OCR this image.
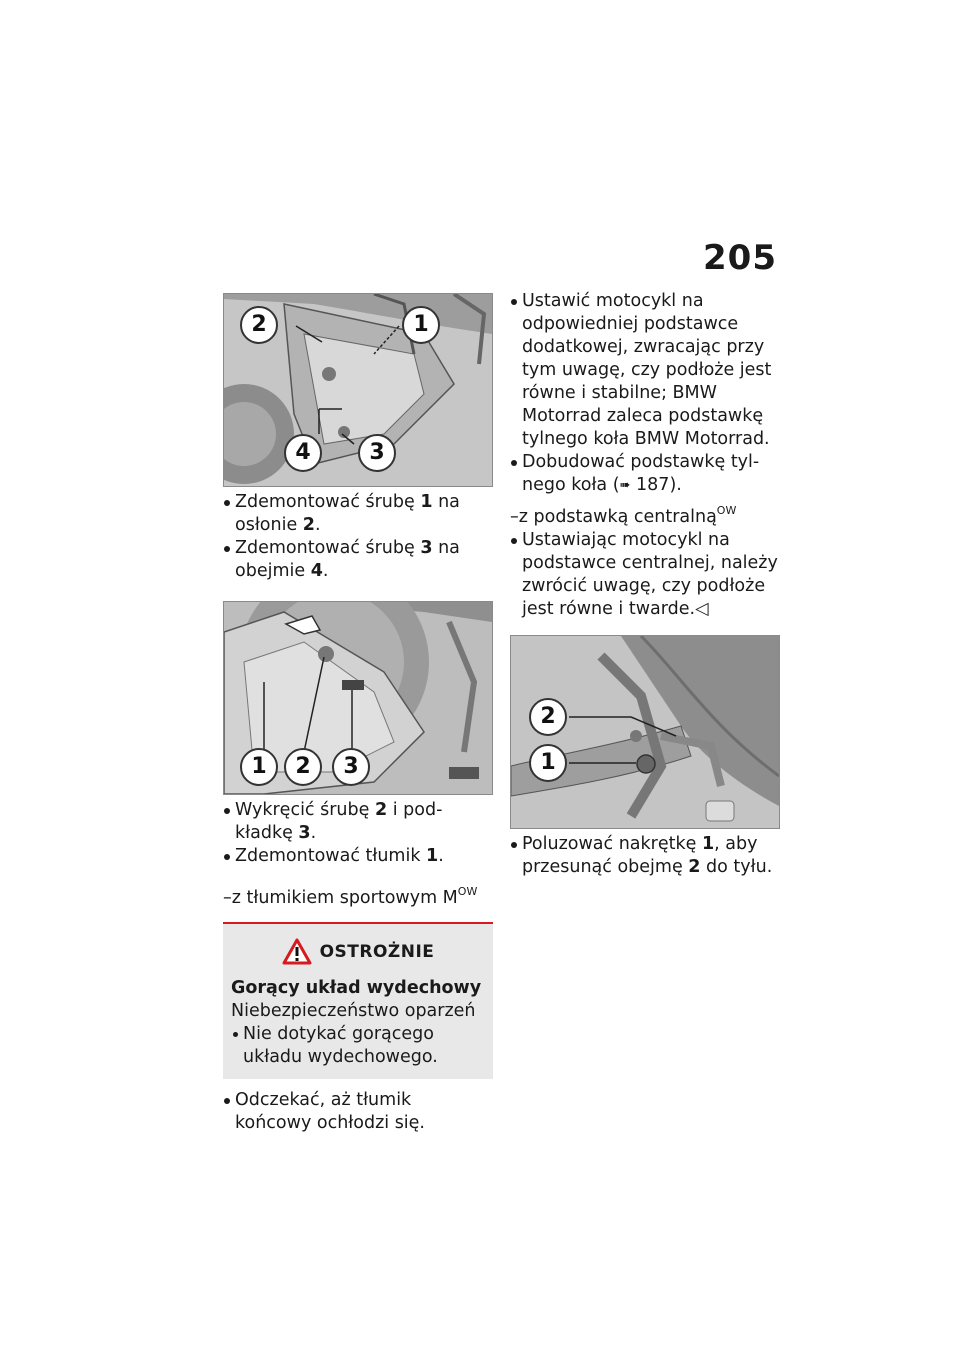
205
2	1
4	3
Zdemontować śrubę 1 na osłonie 2.
Zdemontować śrubę 3 na obejmie 4.
1	2	3
Wykręcić śrubę 2 i podkładkę 3.
Zdemontować tłumik 1.
–z tłumikiem sportowym $M^{OW}$
OSTROŻNIE
Gorący układ wydechowy
Niebezpieczeństwo oparzeń
Nie dotykać gorącego układu wydechowego.
Odczekać, aż tłumik końcowy ochłodzi się.
Ustawić motocykl na odpowiedniej podstawce dodatkowej, zwracając przy tym uwagę, czy podłoże jest równe i stabilne; BMW Motorrad zaleca podstawkę tylnego koła BMW Motorrad.
Dobudować podstawkę tylnego koła (➠ 187).
–z podstawką centralną$^{OW}$
Ustawiając motocykl na podstawce centralnej, należy zwrócić uwagę, czy podłoże jest równe i twarde.◁
2
1
Poluzować nakrętkę 1, aby przesunąć obejmę 2 do tyłu.
